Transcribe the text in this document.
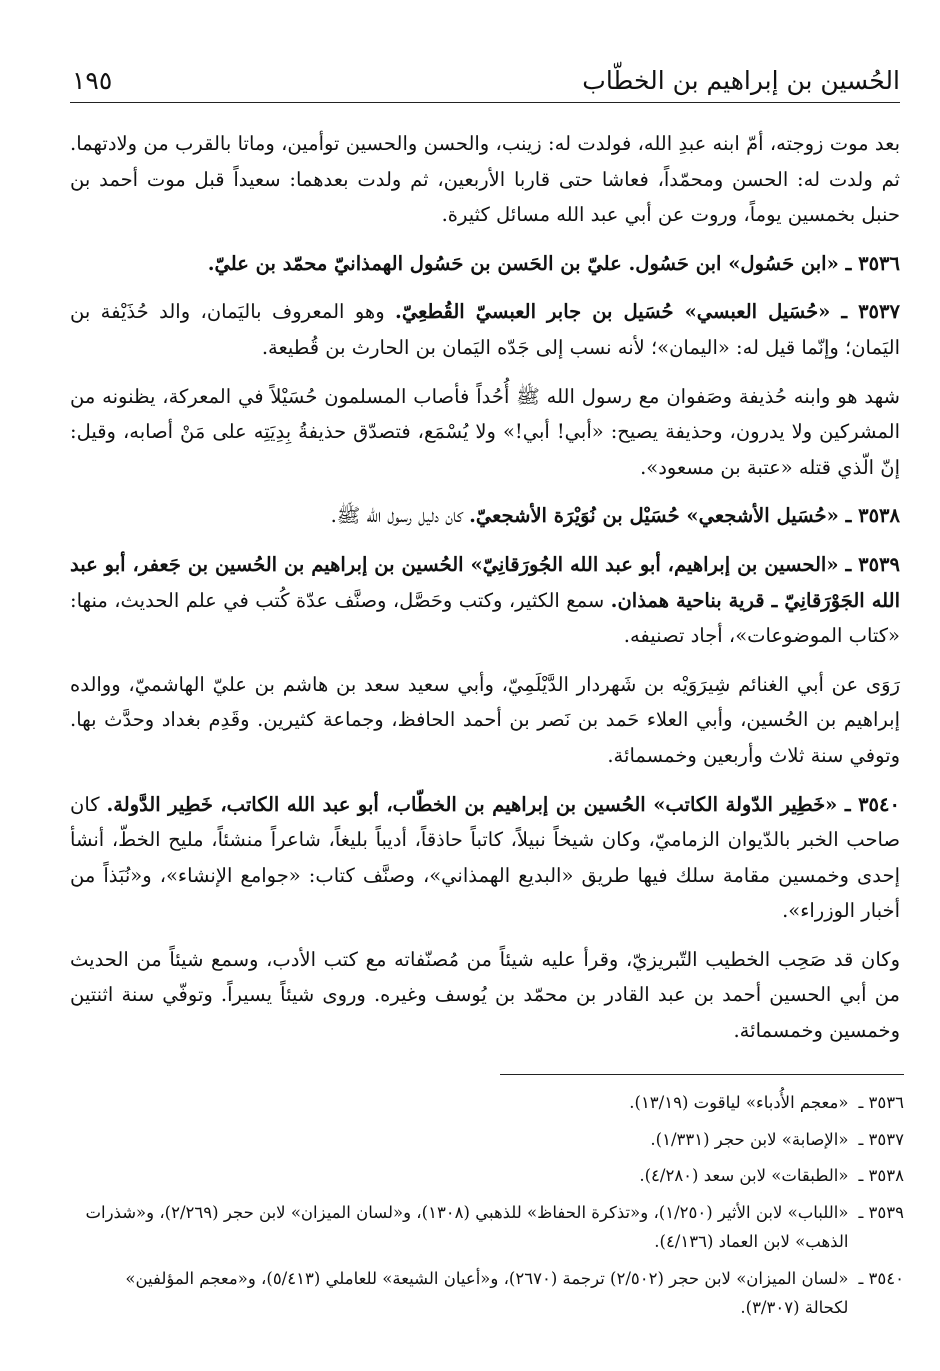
الحُسين بن إبراهيم بن الخطّاب
١٩٥

بعد موت زوجته، أمّ ابنه عبدِ الله، فولدت له: زينب، والحسن والحسين توأمين، وماتا بالقرب من ولادتهما. ثم ولدت له: الحسن ومحمّداً، فعاشا حتى قاربا الأربعين، ثم ولدت بعدهما: سعيداً قبل موت أحمد بن حنبل بخمسين يوماً، وروت عن أبي عبد الله مسائل كثيرة.

٣٥٣٦ ـ «ابن حَسُول» ابن حَسُول. عليّ بن الحَسن بن حَسُول الهمذانيّ محمّد بن عليّ.

٣٥٣٧ ـ «حُسَيل العبسي» حُسَيل بن جابر العبسيّ القُطعِيّ. وهو المعروف باليَمان، والد حُذَيْفة بن اليَمان؛ وإنّما قيل له: «اليمان»؛ لأنه نسب إلى جَدّه اليَمان بن الحارث بن قُطيعة.

شهد هو وابنه حُذيفة وصَفوان مع رسول الله ﷺ أُحُداً فأصاب المسلمون حُسَيْلاً في المعركة، يظنونه من المشركين ولا يدرون، وحذيفة يصيح: «أبي! أبي!» ولا يُسْمَع، فتصدّق حذيفةُ بِدِيَتِه على مَنْ أصابه، وقيل: إنّ الّذي قتله «عتبة بن مسعود».

٣٥٣٨ ـ «حُسَيل الأشجعي» حُسَيْل بن نُوَيْرَة الأشجعيّ. كان دليل رسول الله ﷺ.

٣٥٣٩ ـ «الحسين بن إبراهيم، أبو عبد الله الجُورَقانِيّ» الحُسين بن إبراهيم بن الحُسين بن جَعفر، أبو عبد الله الجَوْرَقانِيّ ـ قرية بناحية همذان. سمع الكثير، وكتب وحَصَّل، وصنَّف عدّة كُتب في علم الحديث، منها: «كتاب الموضوعات»، أجاد تصنيفه.

رَوَى عن أبي الغنائم شِيرَوَيْه بن شَهردار الدَّيْلَمِيّ، وأبي سعيد سعد بن هاشم بن عليّ الهاشميّ، ووالده إبراهيم بن الحُسين، وأبي العلاء حَمد بن نَصر بن أحمد الحافظ، وجماعة كثيرين. وقَدِم بغداد وحدَّث بها. وتوفي سنة ثلاث وأربعين وخمسمائة.

٣٥٤٠ ـ «خَطِير الدّولة الكاتب» الحُسين بن إبراهيم بن الخطّاب، أبو عبد الله الكاتب، خَطِير الدَّولة. كان صاحب الخبر بالدّيوان الزماميّ، وكان شيخاً نبيلاً، كاتباً حاذقاً، أديباً بليغاً، شاعراً منشئاً، مليح الخطّ، أنشأ إحدى وخمسين مقامة سلك فيها طريق «البديع الهمذاني»، وصنَّف كتاب: «جوامع الإنشاء»، و«نُبَذاً من أخبار الوزراء».

وكان قد صَحِب الخطيب التّبريزيّ، وقرأ عليه شيئاً من مُصنّفاته مع كتب الأدب، وسمع شيئاً من الحديث من أبي الحسين أحمد بن عبد القادر بن محمّد بن يُوسف وغيره. وروى شيئاً يسيراً. وتوفّي سنة اثنتين وخمسين وخمسمائة.

٣٥٣٦ ـ
«معجم الأُدباء» لياقوت (١٣/١٩).
٣٥٣٧ ـ
«الإصابة» لابن حجر (١/٣٣١).
٣٥٣٨ ـ
«الطبقات» لابن سعد (٤/٢٨٠).
٣٥٣٩ ـ
«اللباب» لابن الأثير (١/٢٥٠)، و«تذكرة الحفاظ» للذهبي (١٣٠٨)، و«لسان الميزان» لابن حجر (٢/٢٦٩)، و«شذرات الذهب» لابن العماد (٤/١٣٦).
٣٥٤٠ ـ
«لسان الميزان» لابن حجر (٢/٥٠٢) ترجمة (٢٦٧٠)، و«أعيان الشيعة» للعاملي (٥/٤١٣)، و«معجم المؤلفين» لكحالة (٣/٣٠٧).
